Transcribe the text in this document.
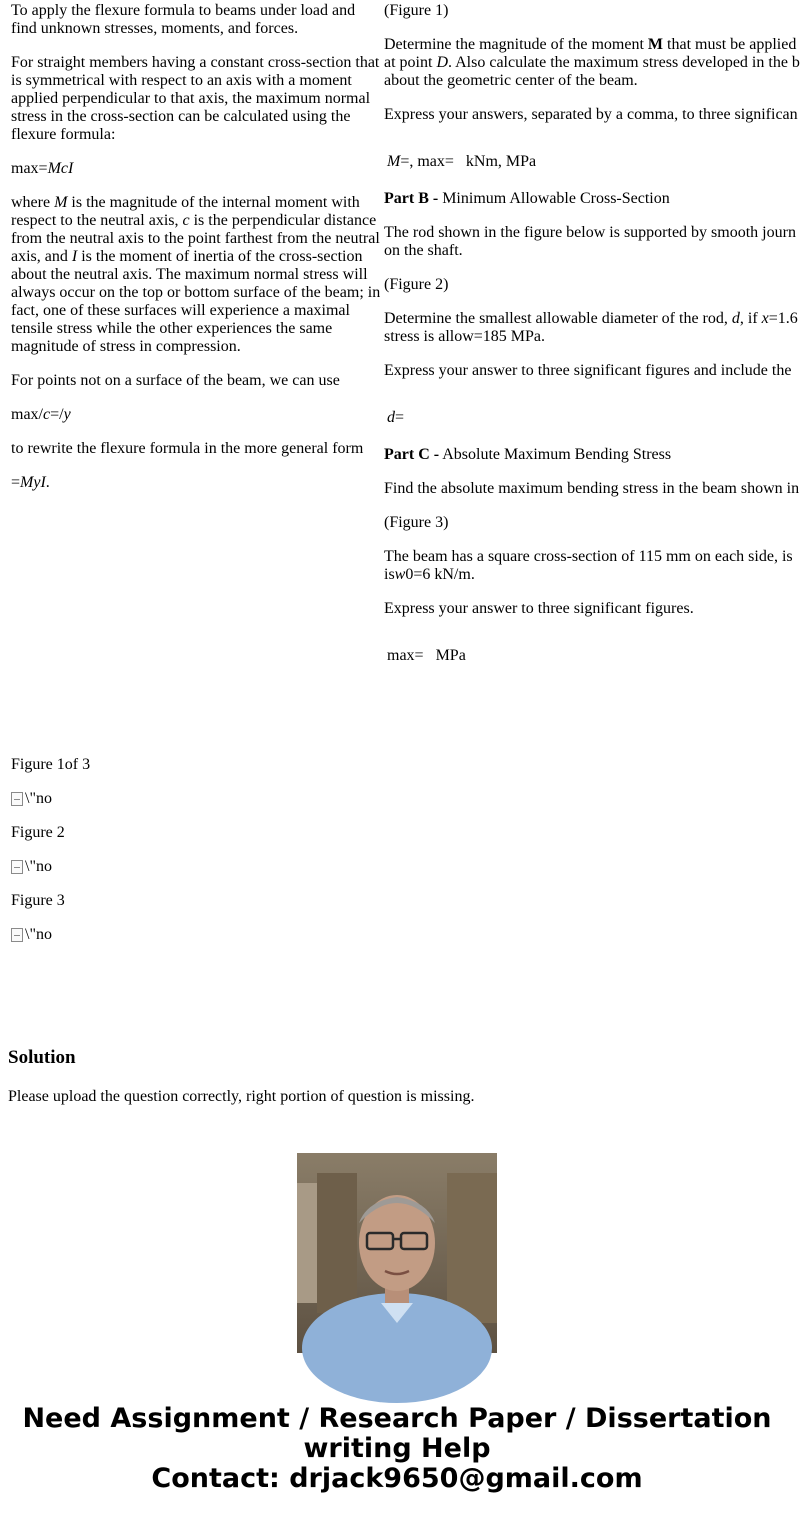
To apply the flexure formula to beams under load and find unknown stresses, moments, and forces.

For straight members having a constant cross-section that is symmetrical with respect to an axis with a moment applied perpendicular to that axis, the maximum normal stress in the cross-section can be calculated using the flexure formula:

max=McI

where M is the magnitude of the internal moment with respect to the neutral axis, c is the perpendicular distance from the neutral axis to the point farthest from the neutral axis, and I is the moment of inertia of the cross-section about the neutral axis. The maximum normal stress will always occur on the top or bottom surface of the beam; in fact, one of these surfaces will experience a maximal tensile stress while the other experiences the same magnitude of stress in compression.

For points not on a surface of the beam, we can use

max/c=/y

to rewrite the flexure formula in the more general form

=MyI.

(Figure 1)

Determine the magnitude of the moment M that must be applied

at point D. Also calculate the maximum stress developed in the b

about the geometric center of the beam.

Express your answers, separated by a comma, to three significan

M=, max= kNm, MPa

Part B - Minimum Allowable Cross-Section

The rod shown in the figure below is supported by smooth journ

on the shaft.

(Figure 2)

Determine the smallest allowable diameter of the rod, d, if x=1.6

stress is allow=185 MPa.

Express your answer to three significant figures and include the

d=

Part C - Absolute Maximum Bending Stress

Find the absolute maximum bending stress in the beam shown in

(Figure 3)

The beam has a square cross-section of 115 mm on each side, is

isw0=6 kN/m.

Express your answer to three significant figures.

max= MPa

Figure 1of 3

\"no

Figure 2

\"no

Figure 3

\"no
Solution

Please upload the question correctly, right portion of question is missing.

Need Assignment / Research Paper / Dissertation
writing Help
Contact: drjack9650@gmail.com
